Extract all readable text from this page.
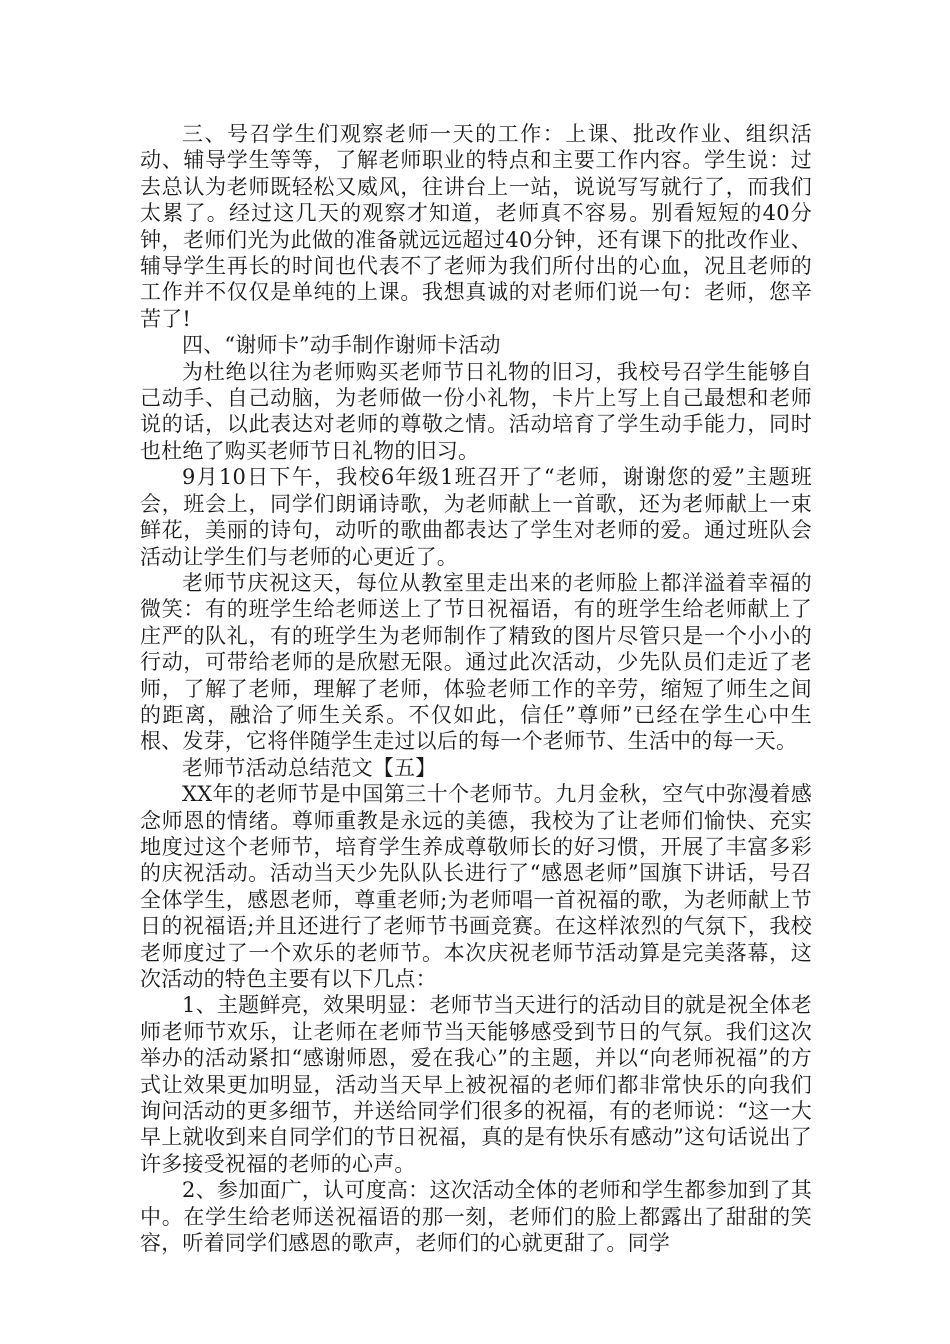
三、号召学生们观察老师一天的工作：上课、批改作业、组织活动、辅导学生等等，了解老师职业的特点和主要工作内容。学生说：过去总认为老师既轻松又威风，往讲台上一站，说说写写就行了，而我们太累了。经过这几天的观察才知道，老师真不容易。别看短短的40分钟，老师们光为此做的准备就远远超过40分钟，还有课下的批改作业、辅导学生再长的时间也代表不了老师为我们所付出的心血，况且老师的工作并不仅仅是单纯的上课。我想真诚的对老师们说一句：老师，您辛苦了!

四、“谢师卡”动手制作谢师卡活动

为杜绝以往为老师购买老师节日礼物的旧习，我校号召学生能够自己动手、自己动脑，为老师做一份小礼物，卡片上写上自己最想和老师说的话，以此表达对老师的尊敬之情。活动培育了学生动手能力，同时也杜绝了购买老师节日礼物的旧习。

9月10日下午，我校6年级1班召开了“老师，谢谢您的爱”主题班会，班会上，同学们朗诵诗歌，为老师献上一首歌，还为老师献上一束鲜花，美丽的诗句，动听的歌曲都表达了学生对老师的爱。通过班队会活动让学生们与老师的心更近了。

老师节庆祝这天，每位从教室里走出来的老师脸上都洋溢着幸福的微笑：有的班学生给老师送上了节日祝福语，有的班学生给老师献上了庄严的队礼，有的班学生为老师制作了精致的图片尽管只是一个小小的行动，可带给老师的是欣慰无限。通过此次活动，少先队员们走近了老师，了解了老师，理解了老师，体验老师工作的辛劳，缩短了师生之间的距离，融洽了师生关系。不仅如此，信任”尊师”已经在学生心中生根、发芽，它将伴随学生走过以后的每一个老师节、生活中的每一天。

老师节活动总结范文【五】

XX年的老师节是中国第三十个老师节。九月金秋，空气中弥漫着感念师恩的情绪。尊师重教是永远的美德，我校为了让老师们愉快、充实地度过这个老师节，培育学生养成尊敬师长的好习惯，开展了丰富多彩的庆祝活动。活动当天少先队队长进行了“感恩老师”国旗下讲话，号召全体学生，感恩老师，尊重老师;为老师唱一首祝福的歌，为老师献上节日的祝福语;并且还进行了老师节书画竞赛。在这样浓烈的气氛下，我校老师度过了一个欢乐的老师节。本次庆祝老师节活动算是完美落幕，这次活动的特色主要有以下几点：

1、主题鲜亮，效果明显：老师节当天进行的活动目的就是祝全体老师老师节欢乐，让老师在老师节当天能够感受到节日的气氛。我们这次举办的活动紧扣“感谢师恩，爱在我心”的主题，并以“向老师祝福”的方式让效果更加明显，活动当天早上被祝福的老师们都非常快乐的向我们询问活动的更多细节，并送给同学们很多的祝福，有的老师说：“这一大早上就收到来自同学们的节日祝福，真的是有快乐有感动”这句话说出了许多接受祝福的老师的心声。

2、参加面广，认可度高：这次活动全体的老师和学生都参加到了其中。在学生给老师送祝福语的那一刻，老师们的脸上都露出了甜甜的笑容，听着同学们感恩的歌声，老师们的心就更甜了。同学
